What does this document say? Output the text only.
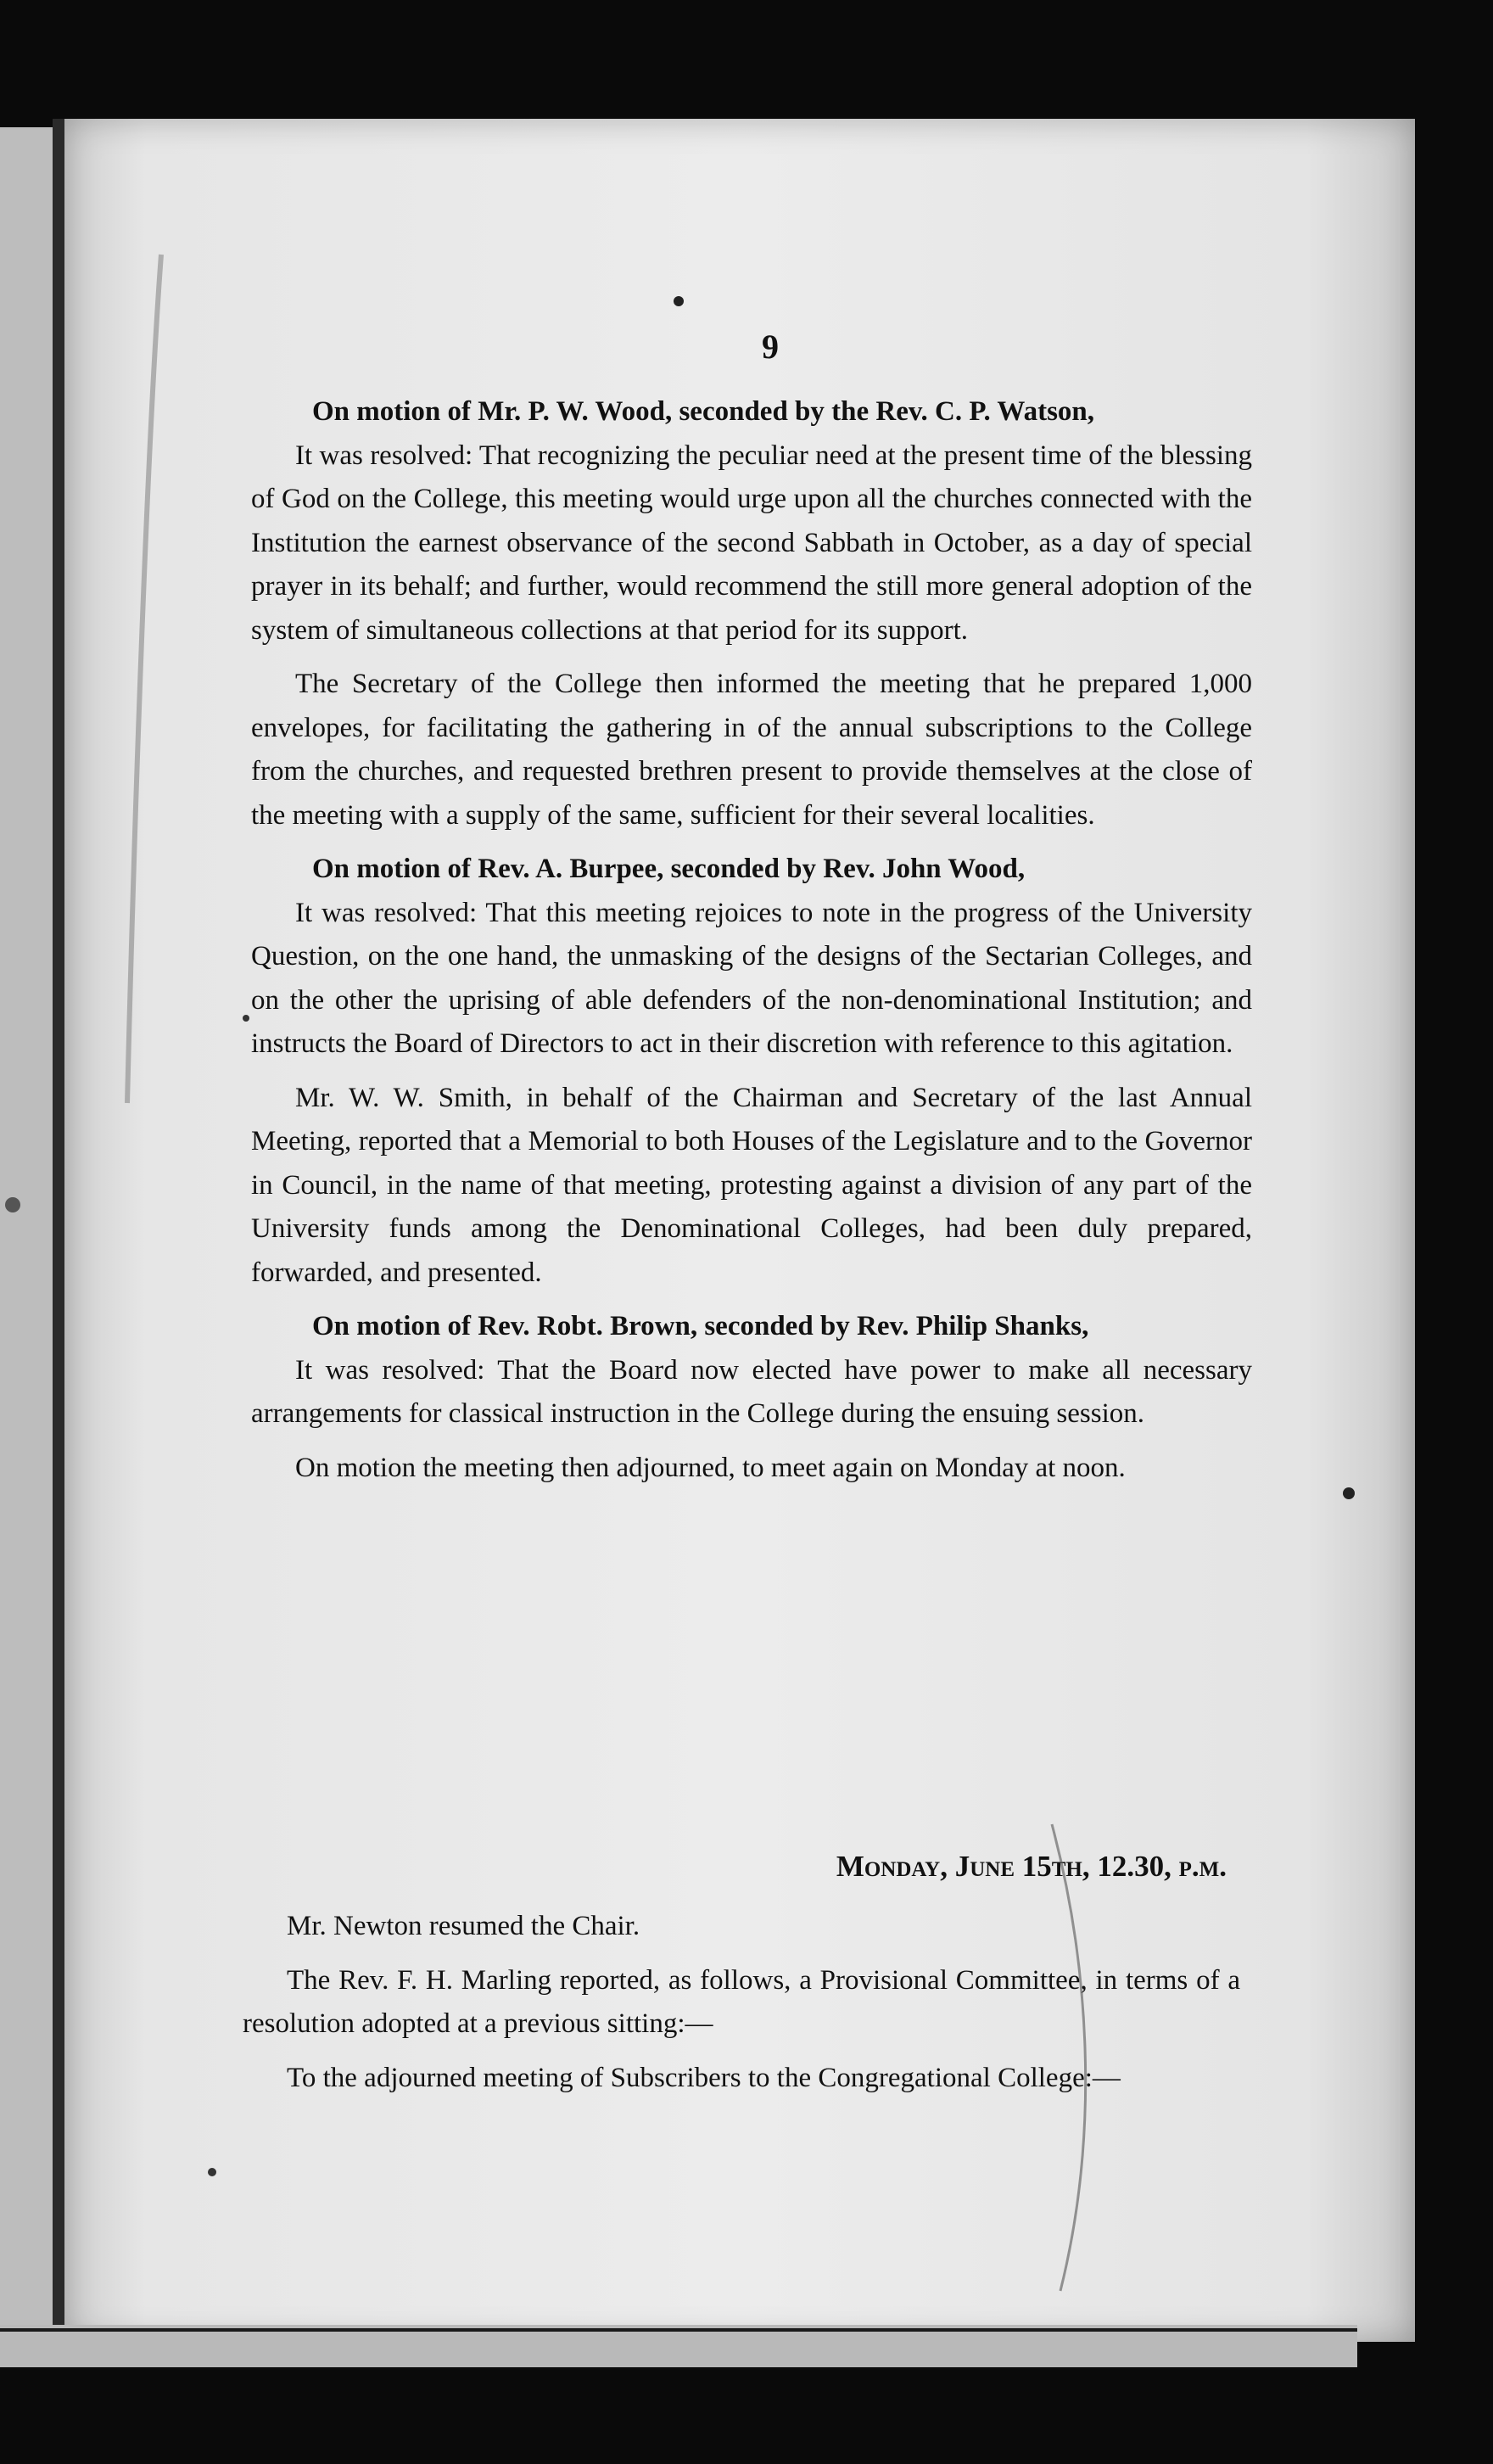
9

On motion of Mr. P. W. Wood, seconded by the Rev. C. P. Watson,

It was resolved: That recognizing the peculiar need at the present time of the blessing of God on the College, this meeting would urge upon all the churches connected with the Institution the earnest observance of the second Sabbath in October, as a day of special prayer in its behalf; and further, would recommend the still more general adoption of the system of simultaneous collections at that period for its support.

The Secretary of the College then informed the meeting that he prepared 1,000 envelopes, for facilitating the gathering in of the annual subscriptions to the College from the churches, and requested brethren present to provide themselves at the close of the meeting with a supply of the same, sufficient for their several localities.

On motion of Rev. A. Burpee, seconded by Rev. John Wood,

It was resolved: That this meeting rejoices to note in the progress of the University Question, on the one hand, the unmasking of the designs of the Sectarian Colleges, and on the other the uprising of able defenders of the non-denominational Institution; and instructs the Board of Directors to act in their discretion with reference to this agitation.

Mr. W. W. Smith, in behalf of the Chairman and Secretary of the last Annual Meeting, reported that a Memorial to both Houses of the Legislature and to the Governor in Council, in the name of that meeting, protesting against a division of any part of the University funds among the Denominational Colleges, had been duly prepared, forwarded, and presented.

On motion of Rev. Robt. Brown, seconded by Rev. Philip Shanks,

It was resolved: That the Board now elected have power to make all necessary arrangements for classical instruction in the College during the ensuing session.

On motion the meeting then adjourned, to meet again on Monday at noon.

Monday, June 15th, 12.30, p.m.

Mr. Newton resumed the Chair.

The Rev. F. H. Marling reported, as follows, a Provisional Committee, in terms of a resolution adopted at a previous sitting:—

To the adjourned meeting of Subscribers to the Congregational College:—
